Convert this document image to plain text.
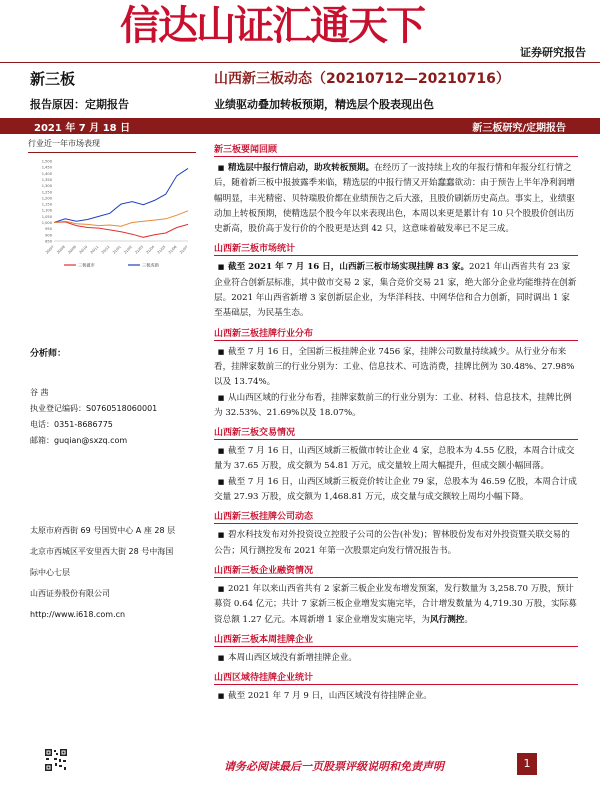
信达山证汇通天下
证券研究报告
新三板
报告原因：定期报告
山西新三板动态（20210712—20210716）
业绩驱动叠加转板预期，精选层个股表现出色
2021 年 7 月 18 日	新三板研究/定期报告
行业近一年市场表现
1,500
1,450
1,400
1,350
1,300
1,250
1,200
1,150
1,100
1,050
1,000
950
900
850
20/07 20/08 20/09 20/10 20/11 20/12 21/01 21/02 21/03 21/04 21/05 21/06 21/07
三板做市	三板成指
分析师：
谷 茜
执业登记编码：S0760518060001
电话：0351-8686775
邮箱：guqian@sxzq.com
太原市府西街 69 号国贸中心 A 座 28 层
北京市西城区平安里西大街 28 号中海国
际中心七层
山西证券股份有限公司
http://www.i618.com.cn
新三板要闻回顾
■ 精选层中报行情启动，助攻转板预期。在经历了一波持续上攻的年报行情和年报分红行情之后，随着新三板中报披露季来临，精选层的中报行情又开始蠢蠢欲动：由于预告上半年净利润增幅明显，丰光精密、贝特瑞股价都在业绩预告之后大涨，且股价刷新历史高点。事实上，业绩驱动加上转板预期，使精选层个股今年以来表现出色，本周以来更是累计有 10 只个股股价创出历史新高，股价高于发行价的个股更是达到 42 只，这意味着破发率已不足三成。
山西新三板市场统计
■ 截至 2021 年 7 月 16 日，山西新三板市场实现挂牌 83 家。2021 年山西省共有 23 家企业符合创新层标准，其中做市交易 2 家，集合竞价交易 21 家，绝大部分企业均能维持在创新层。2021 年山西省新增 3 家创新层企业，为华洋科技、中网华信和合力创新，同时调出 1 家至基础层，为民基生态。
山西新三板挂牌行业分布
■ 截至 7 月 16 日，全国新三板挂牌企业 7456 家，挂牌公司数量持续减少。从行业分布来看，挂牌家数前三的行业分别为：工业、信息技术、可选消费，挂牌比例为 30.48%、27.98%以及 13.74%。
■ 从山西区域的行业分布看，挂牌家数前三的行业分别为：工业、材料、信息技术，挂牌比例为 32.53%、21.69%以及 18.07%。
山西新三板交易情况
■ 截至 7 月 16 日，山西区域新三板做市转让企业 4 家，总股本为 4.55 亿股，本周合计成交量为 37.65 万股，成交额为 54.81 万元，成交量较上周大幅提升，但成交额小幅回落。
■ 截至 7 月 16 日，山西区域新三板竞价转让企业 79 家，总股本为 46.59 亿股，本周合计成交量 27.93 万股，成交额为 1,468.81 万元，成交量与成交额较上周均小幅下降。
山西新三板挂牌公司动态
■ 碧水科技发布对外投资设立控股子公司的公告(补发)；智林股份发布对外投资暨关联交易的公告；风行测控发布 2021 年第一次股票定向发行情况报告书。
山西新三板企业融资情况
■ 2021 年以来山西省共有 2 家新三板企业发布增发预案，发行数量为 3,258.70 万股，预计募资 0.64 亿元；共计 7 家新三板企业增发实施完毕，合计增发数量为 4,719.30 万股，实际募资总额 1.27 亿元。本周新增 1 家企业增发实施完毕，为风行测控。
山西新三板本周挂牌企业
■ 本周山西区域没有新增挂牌企业。
山西区域待挂牌企业统计
■ 截至 2021 年 7 月 9 日，山西区域没有待挂牌企业。
请务必阅读最后一页股票评级说明和免责声明	1
